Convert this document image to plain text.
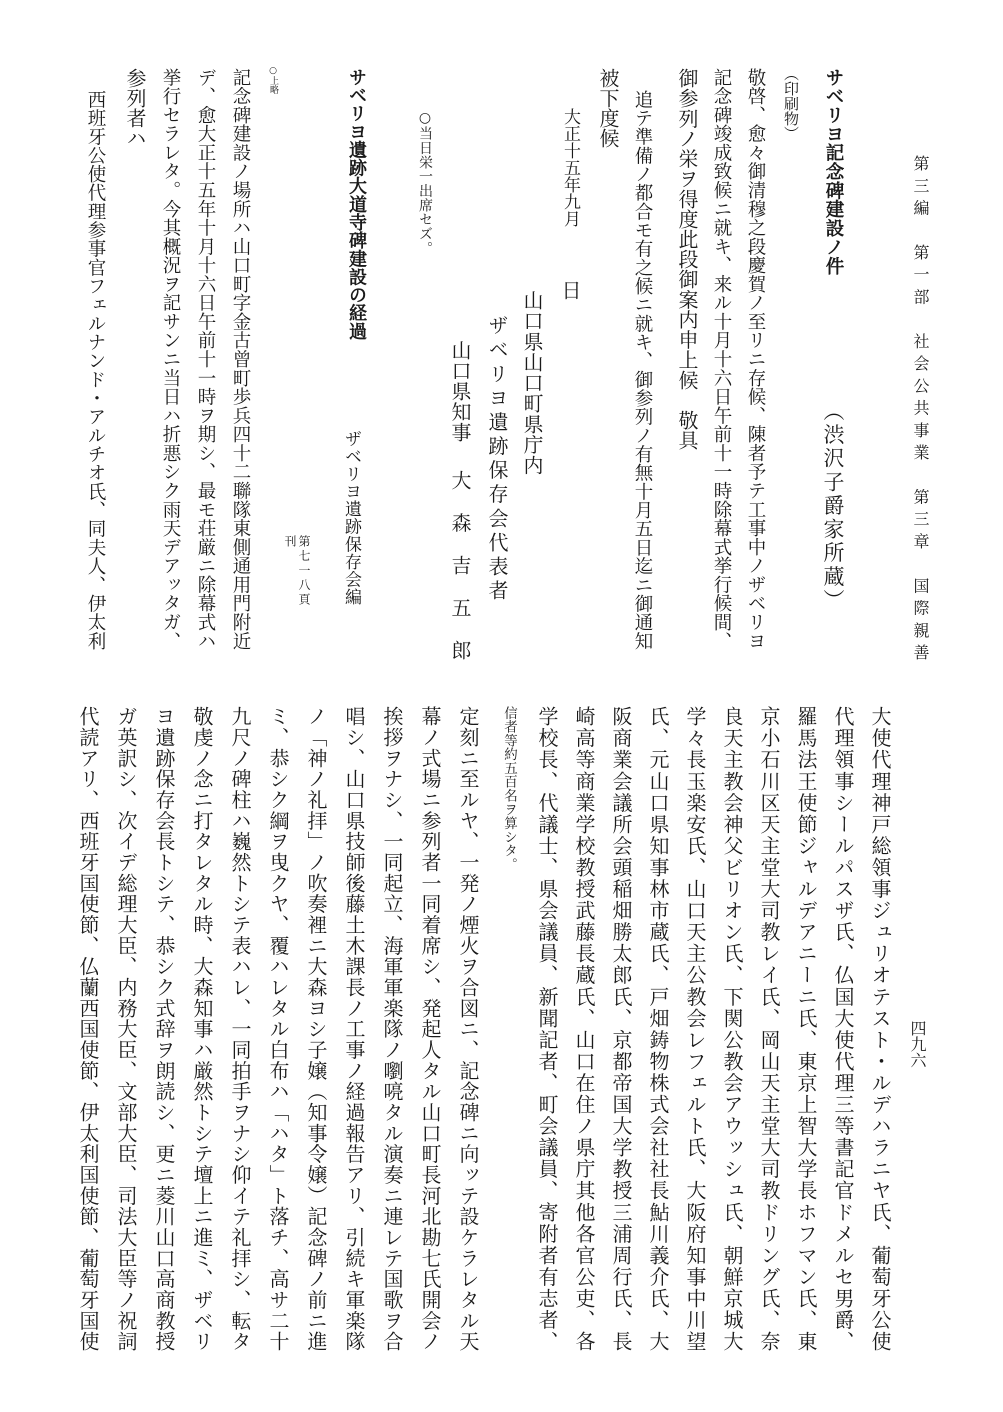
第三編　第一部　社会公共事業　第三章　国際親善
四九六
サベリヨ記念碑建設ノ件
（渋沢子爵家所蔵）
（印刷物）
敬啓、愈々御清穆之段慶賀ノ至リニ存候、陳者予テ工事中ノザベリヨ
記念碑竣成致候ニ就キ、来ル十月十六日午前十一時除幕式挙行候間、
御参列ノ栄ヲ得度此段御案内申上候　敬具
追テ準備ノ都合モ有之候ニ就キ、御参列ノ有無十月五日迄ニ御通知
被下度候
大正十五年九月
日
山口県山口町県庁内
ザベリヨ遺跡保存会代表者
山口県知事
大森吉五郎
○当日栄一出席セズ。
サベリヨ遺跡大道寺碑建設の経過
ザベリヨ遺跡保存会編
第七一八頁
刊
○上略
記念碑建設ノ場所ハ山口町字金古曾町歩兵四十二聯隊東側通用門附近
デ、愈大正十五年十月十六日午前十一時ヲ期シ、最モ荘厳ニ除幕式ハ
挙行セラレタ。今其概況ヲ記サンニ当日ハ折悪シク雨天デアッタガ、
参列者ハ
西班牙公使代理参事官フェルナンド・アルチオ氏、同夫人、伊太利
大使代理神戸総領事ジュリオテスト・ルデハラニヤ氏、葡萄牙公使
代理領事シールパスザ氏、仏国大使代理三等書記官ドメルセ男爵、
羅馬法王使節ジャルデアニーニ氏、東京上智大学長ホフマン氏、東
京小石川区天主堂大司教レイ氏、岡山天主堂大司教ドリング氏、奈
良天主教会神父ビリオン氏、下関公教会アウッシュ氏、朝鮮京城大
学々長玉楽安氏、山口天主公教会レフェルト氏、大阪府知事中川望
氏、元山口県知事林市蔵氏、戸畑鋳物株式会社社長鮎川義介氏、大
阪商業会議所会頭稲畑勝太郎氏、京都帝国大学教授三浦周行氏、長
崎高等商業学校教授武藤長蔵氏、山口在住ノ県庁其他各官公吏、各
学校長、代議士、県会議員、新聞記者、町会議員、寄附者有志者、
信者等約五百名ヲ算シタ。
定刻ニ至ルヤ、一発ノ煙火ヲ合図ニ、記念碑ニ向ッテ設ケラレタル天
幕ノ式場ニ参列者一同着席シ、発起人タル山口町長河北勘七氏開会ノ
挨拶ヲナシ、一同起立、海軍軍楽隊ノ嚠喨タル演奏ニ連レテ国歌ヲ合
唱シ、山口県技師後藤土木課長ノ工事ノ経過報告アリ、引続キ軍楽隊
ノ「神ノ礼拝」ノ吹奏裡ニ大森ヨシ子嬢（知事令嬢）記念碑ノ前ニ進
ミ、恭シク綱ヲ曳クヤ、覆ハレタル白布ハ「ハタ」ト落チ、高サ二十
九尺ノ碑柱ハ巍然トシテ表ハレ、一同拍手ヲナシ仰イテ礼拝シ、転タ
敬虔ノ念ニ打タレタル時、大森知事ハ厳然トシテ壇上ニ進ミ、ザベリ
ヨ遺跡保存会長トシテ、恭シク式辞ヲ朗読シ、更ニ菱川山口高商教授
ガ英訳シ、次イデ総理大臣、内務大臣、文部大臣、司法大臣等ノ祝詞
代読アリ、西班牙国使節、仏蘭西国使節、伊太利国使節、葡萄牙国使
